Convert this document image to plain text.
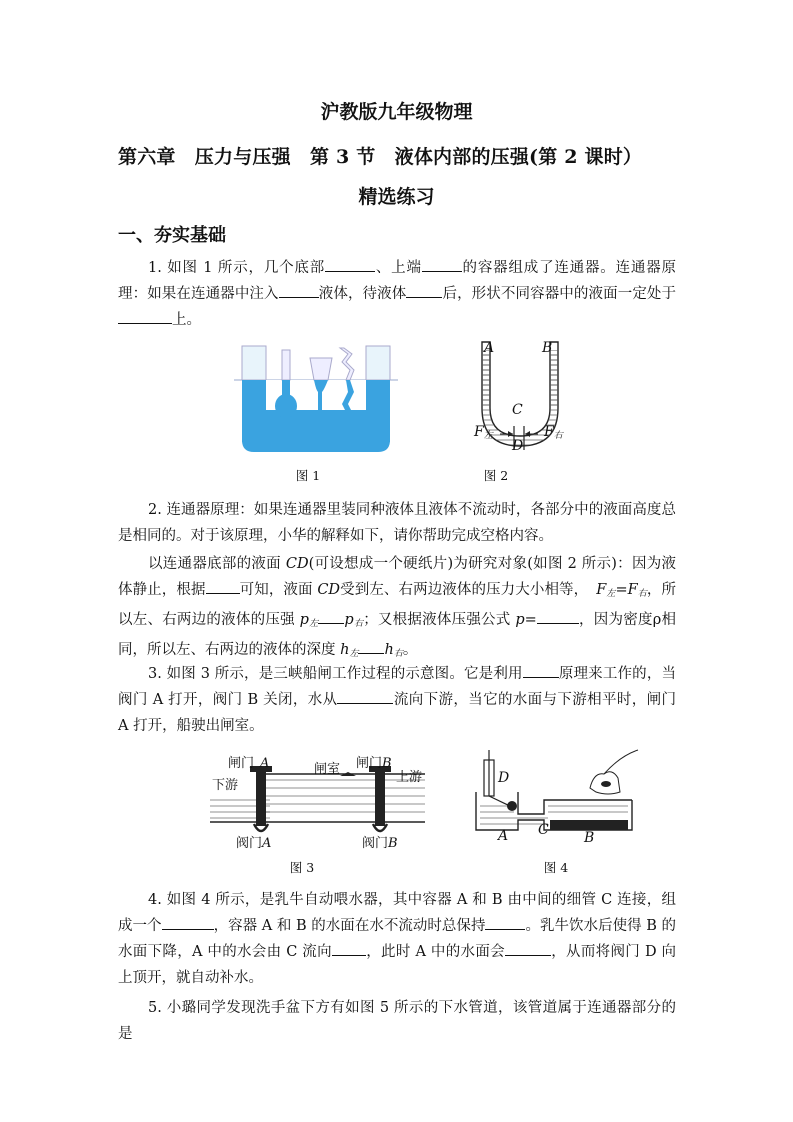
沪教版九年级物理
第六章　压力与压强　第 3 节　液体内部的压强(第 2 课时）
精选练习
一、夯实基础
1. 如图 1 所示，几个底部	、上端	的容器组成了连通器。连通器原理：如果在连通器中注入	液体，待液体 后，形状不同容器中的液面一定处于上。
图 1
A	B
C
D
$F_左$	$F_右$
图 2
2. 连通器原理：如果连通器里装同种液体且液体不流动时，各部分中的液面高度总是相同的。对于该原理，小华的解释如下，请你帮助完成空格内容。
以连通器底部的液面 CD(可设想成一个硬纸片)为研究对象(如图 2 所示)：因为液体静止，根据 可知，液面 CD受到左、右两边液体的压力大小相等， $F_左=F_右$，所以左、右两边的液体的压强 $p_左$ $p_右$；又根据液体压强公式 p=	，因为密度ρ相同，所以左、右两边的液体的深度 $h_左$ $h_右$。
3. 如图 3 所示，是三峡船闸工作过程的示意图。它是利用 原理来工作的，当阀门 A 打开，阀门 B 关闭，水从	流向下游，当它的水面与下游相平时，闸门 A 打开，船驶出闸室。
闸门 A
下游
闸室 闸门B
上游
阀门A	阀门B
图 3
D
A C	B
图 4
4. 如图 4 所示，是乳牛自动喂水器，其中容器 A 和 B 由中间的细管 C 连接，组成一个	，容器 A 和 B 的水面在水不流动时总保持	。乳牛饮水后使得 B 的水面下降，A 中的水会由 C 流向 ，此时 A 中的水面会	，从而将阀门 D 向上顶开，就自动补水。
5. 小璐同学发现洗手盆下方有如图 5 所示的下水管道，该管道属于连通器部分的是
